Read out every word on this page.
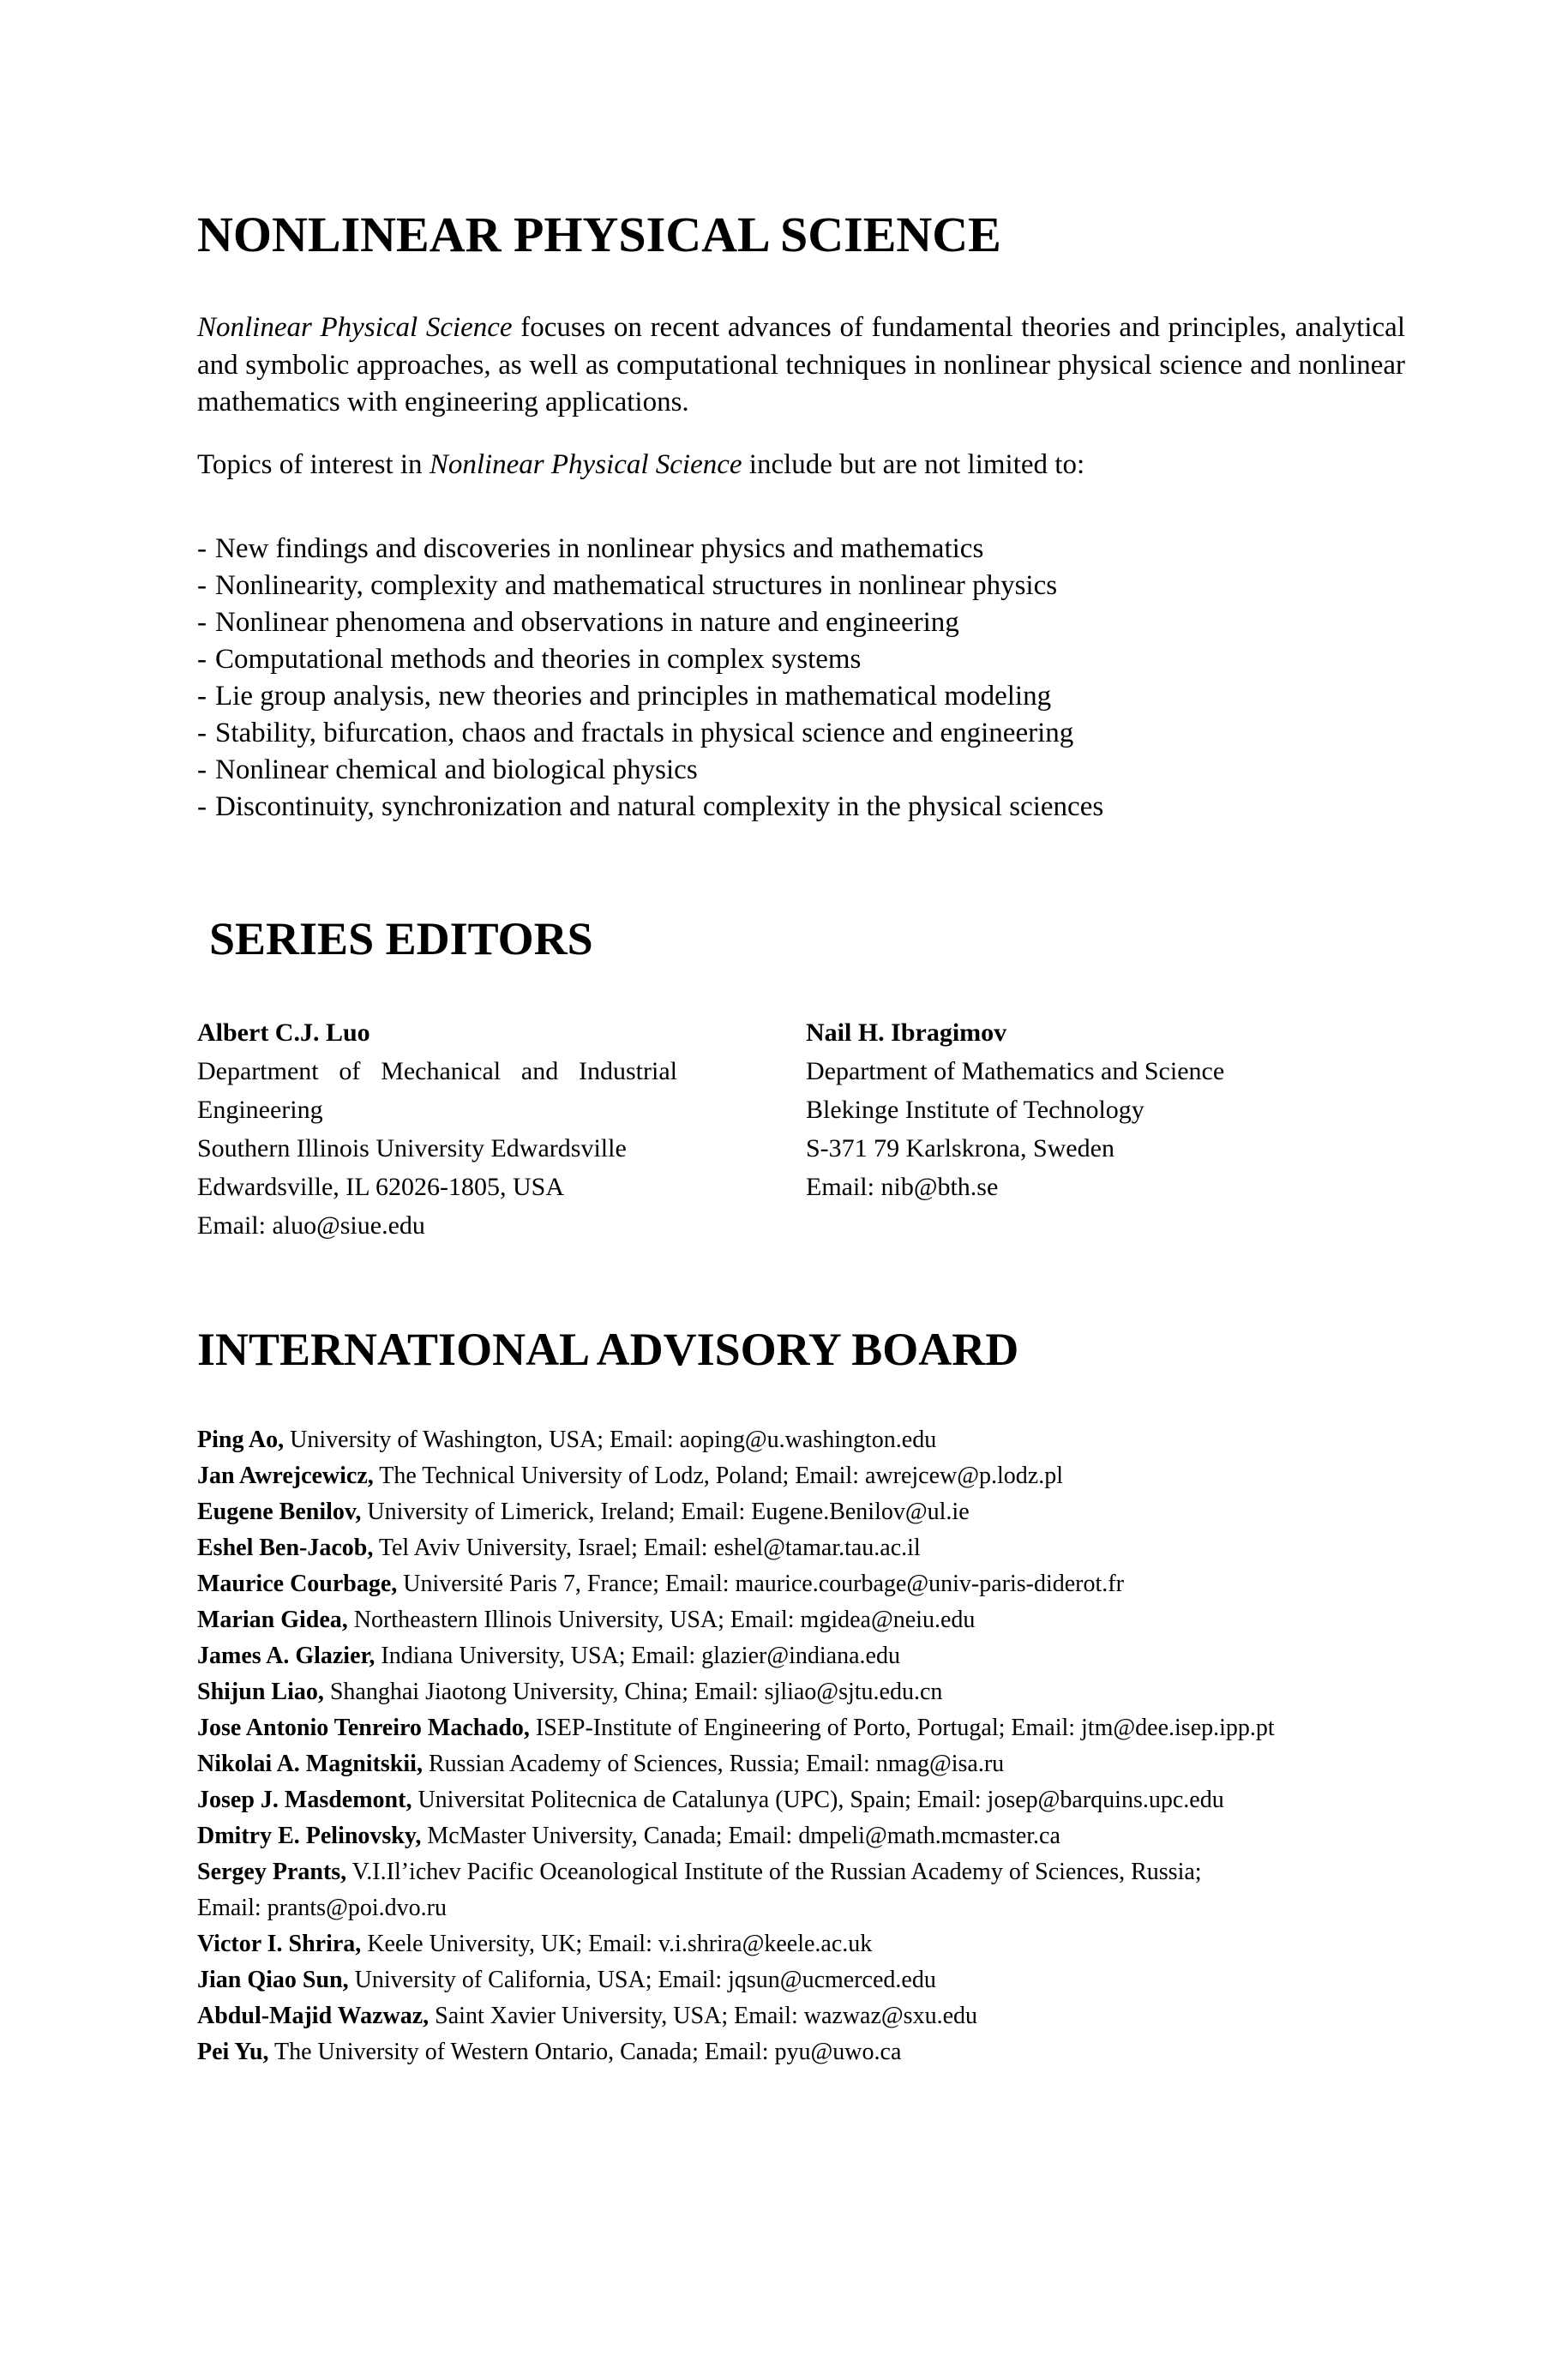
NONLINEAR PHYSICAL SCIENCE

Nonlinear Physical Science focuses on recent advances of fundamental theories and principles, analytical and symbolic approaches, as well as computational techniques in nonlinear physical science and nonlinear mathematics with engineering applications.

Topics of interest in Nonlinear Physical Science include but are not limited to:

- New findings and discoveries in nonlinear physics and mathematics
- Nonlinearity, complexity and mathematical structures in nonlinear physics
- Nonlinear phenomena and observations in nature and engineering
- Computational methods and theories in complex systems
- Lie group analysis, new theories and principles in mathematical modeling
- Stability, bifurcation, chaos and fractals in physical science and engineering
- Nonlinear chemical and biological physics
- Discontinuity, synchronization and natural complexity in the physical sciences
SERIES EDITORS
Albert C.J. Luo
Department of Mechanical and Industrial Engineering
Southern Illinois University Edwardsville
Edwardsville, IL 62026-1805, USA
Email: aluo@siue.edu
Nail H. Ibragimov
Department of Mathematics and Science
Blekinge Institute of Technology
S-371 79 Karlskrona, Sweden
Email: nib@bth.se
INTERNATIONAL ADVISORY BOARD
Ping Ao, University of Washington, USA; Email: aoping@u.washington.edu
Jan Awrejcewicz, The Technical University of Lodz, Poland; Email: awrejcew@p.lodz.pl
Eugene Benilov, University of Limerick, Ireland; Email: Eugene.Benilov@ul.ie
Eshel Ben-Jacob, Tel Aviv University, Israel; Email: eshel@tamar.tau.ac.il
Maurice Courbage, Université Paris 7, France; Email: maurice.courbage@univ-paris-diderot.fr
Marian Gidea, Northeastern Illinois University, USA; Email: mgidea@neiu.edu
James A. Glazier, Indiana University, USA; Email: glazier@indiana.edu
Shijun Liao, Shanghai Jiaotong University, China; Email: sjliao@sjtu.edu.cn
Jose Antonio Tenreiro Machado, ISEP-Institute of Engineering of Porto, Portugal; Email: jtm@dee.isep.ipp.pt
Nikolai A. Magnitskii, Russian Academy of Sciences, Russia; Email: nmag@isa.ru
Josep J. Masdemont, Universitat Politecnica de Catalunya (UPC), Spain; Email: josep@barquins.upc.edu
Dmitry E. Pelinovsky, McMaster University, Canada; Email: dmpeli@math.mcmaster.ca
Sergey Prants, V.I.Il’ichev Pacific Oceanological Institute of the Russian Academy of Sciences, Russia;
Email: prants@poi.dvo.ru
Victor I. Shrira, Keele University, UK; Email: v.i.shrira@keele.ac.uk
Jian Qiao Sun, University of California, USA; Email: jqsun@ucmerced.edu
Abdul-Majid Wazwaz, Saint Xavier University, USA; Email: wazwaz@sxu.edu
Pei Yu, The University of Western Ontario, Canada; Email: pyu@uwo.ca
